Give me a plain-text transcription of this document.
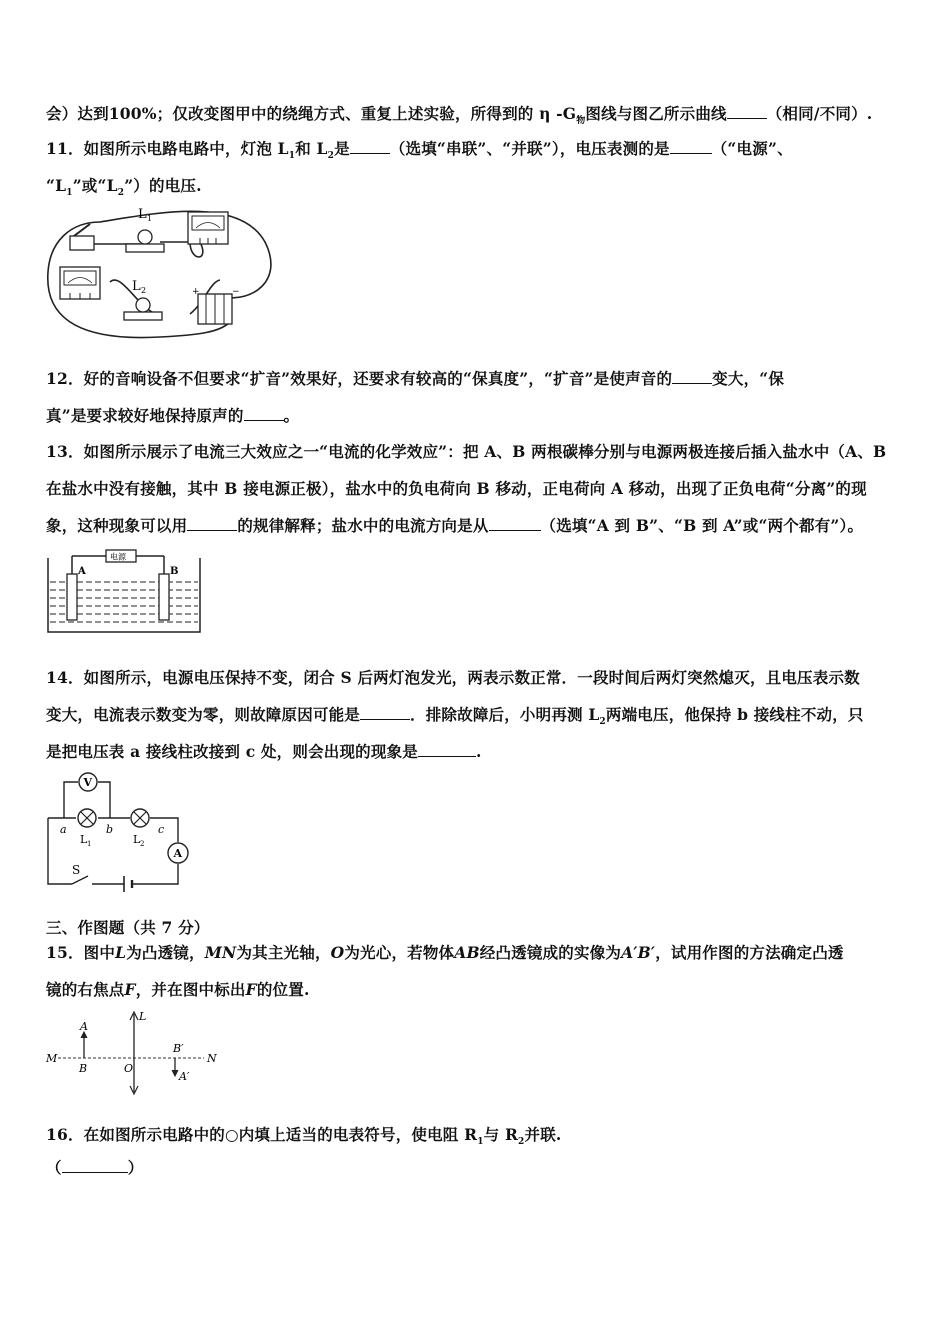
会）达到100%；仅改变图甲中的绕绳方式、重复上述实验，所得到的 η $-G_物$图线与图乙所示曲线	（相同/不同）.
11．如图所示电路电路中，灯泡 $L_1$和 $L_2$是	（选填“串联”、“并联”），电压表测的是	（“电源”、
“$L_1$”或“$L_2$”）的电压.
L 1
L 2	+	−
12．好的音响设备不但要求“扩音”效果好，还要求有较高的“保真度”，“扩音”是使声音的	变大，“保
真”是要求较好地保持原声的	。
13．如图所示展示了电流三大效应之一“电流的化学效应”：把 A、B 两根碳棒分别与电源两极连接后插入盐水中（A、B
在盐水中没有接触，其中 B 接电源正极），盐水中的负电荷向 B 移动，正电荷向 A 移动，出现了正负电荷“分离”的现
象，这种现象可以用	的规律解释；盐水中的电流方向是从	（选填“A 到 B”、“B 到 A”或“两个都有”）。
电源
A	B
14．如图所示，电源电压保持不变，闭合 S 后两灯泡发光，两表示数正常．一段时间后两灯突然熄灭，且电压表示数
变大，电流表示数变为零，则故障原因可能是	．排除故障后，小明再测 $L_2$两端电压，他保持 b 接线柱不动，只
是把电压表 a 接线柱改接到 c 处，则会出现的现象是	.
V
A
a	b	c
L 1	L 2
S
三、作图题（共 7 分）
15．图中L为凸透镜，MN为其主光轴，O为光心，若物体AB经凸透镜成的实像为A′B′，试用作图的方法确定凸透
镜的右焦点F，并在图中标出F的位置.
L
A
B	O
M	N
A′
B′
16．在如图所示电路中的○内填上适当的电表符号，使电阻 $R_1$与 $R_2$并联.
（	）
